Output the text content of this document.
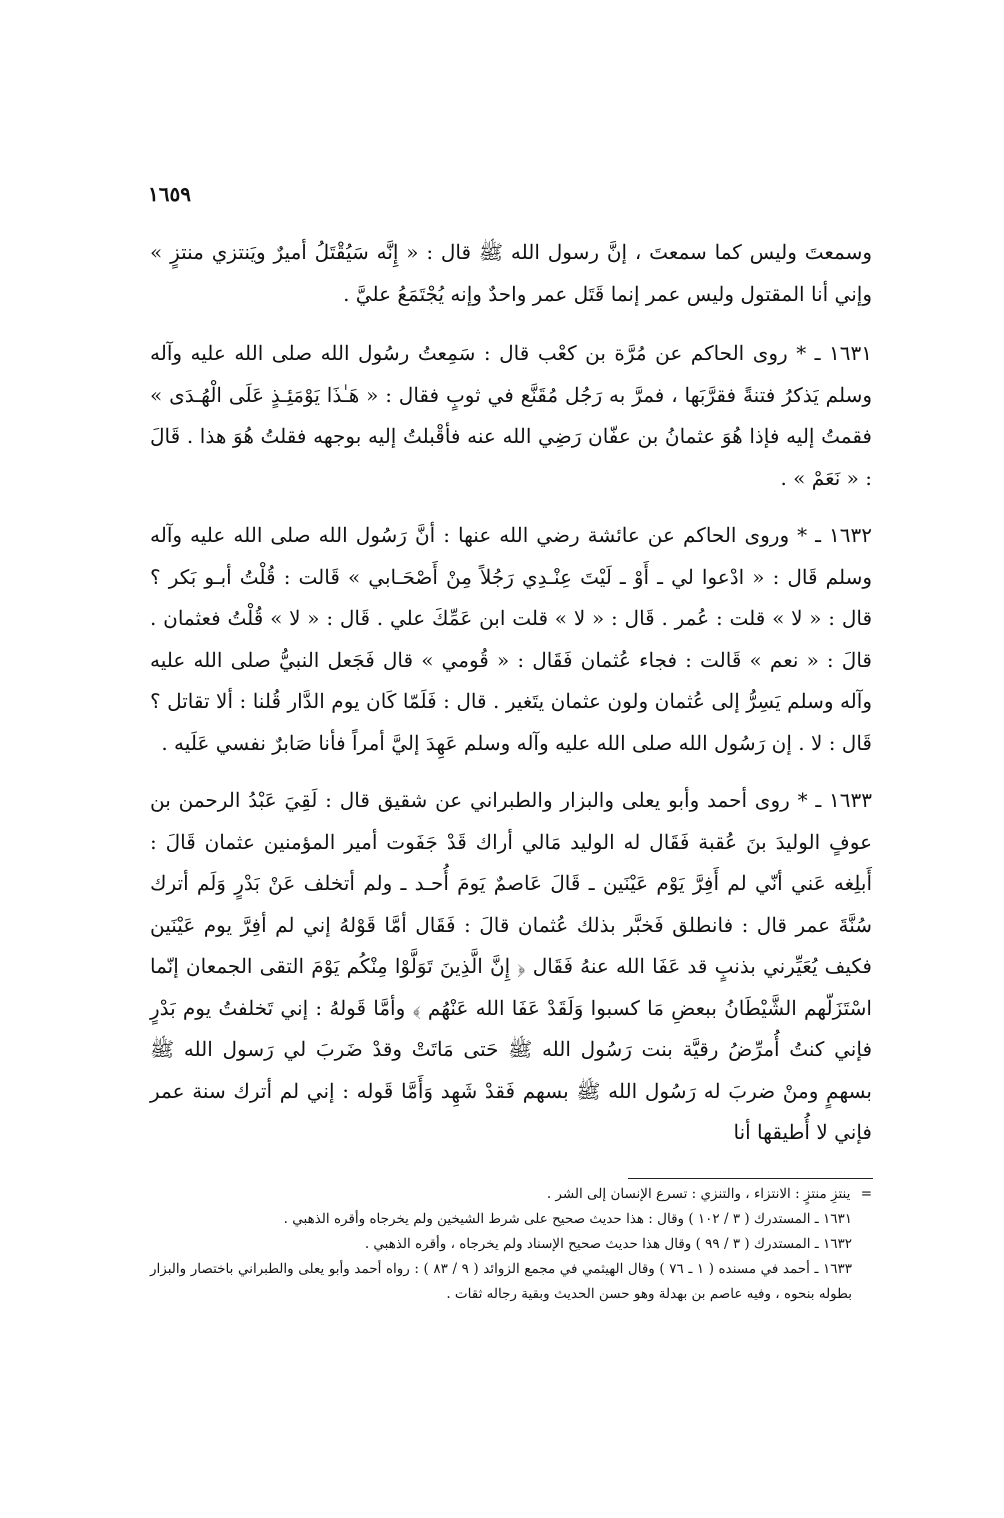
١٦٥٩

وسمعتَ وليس كما سمعتَ ، إنَّ رسول الله ﷺ قال : « إِنَّه سَيُقْتَلُ أميرٌ ويَنتزي منتزٍ » وإني أنا المقتول وليس عمر إنما قَتَل عمر واحدٌ وإنه يُجْتَمَعُ عليَّ .

١٦٣١ ـ * روى الحاكم عن مُرَّة بن كعْب قال : سَمِعتُ رسُول الله صلى الله عليه وآله وسلم يَذكرُ فتنةً فقرَّبَها ، فمرَّ به رَجُل مُقَنَّع في ثوبٍ فقال : « هَـٰذَا يَوْمَئِـذٍ عَلَى الْهُـدَى » فقمتُ إليه فإذا هُوَ عثمانُ بن عفّان رَضِي الله عنه فأقْبلتُ إليه بوجهه فقلتُ هُوَ هذا . قَالَ : « نَعَمْ » .

١٦٣٢ ـ * وروى الحاكم عن عائشة رضي الله عنها : أنَّ رَسُول الله صلى الله عليه وآله وسلم قَال : « ادْعوا لي ـ أَوْ ـ لَيْتَ عِنْـدِي رَجُلاً مِنْ أَصْحَـابي » قَالت : قُلْتُ أبـو بَكر ؟ قال : « لا » قلت : عُمر . قَال : « لا » قلت ابن عَمِّكَ علي . قَال : « لا » قُلْتُ فعثمان . قالَ : « نعم » قَالت : فجاء عُثمان فَقَال : « قُومي » قال فَجَعل النبيُّ صلى الله عليه وآله وسلم يَسِرُّ إلى عُثمان ولون عثمان يتَغير . قال : فَلَمّا كَان يوم الدَّار قُلنا : ألا تقاتل ؟ قَال : لا . إن رَسُول الله صلى الله عليه وآله وسلم عَهِدَ إليَّ أمراً فأنا صَابرٌ نفسي عَلَيه .

١٦٣٣ ـ * روى أحمد وأبو يعلى والبزار والطبراني عن شقيق قال : لَقِيَ عَبْدُ الرحمن بن عوفٍ الوليدَ بنَ عُقبة فَقَال له الوليد مَالي أراك قَدْ جَفَوت أمير المؤمنين عثمان قَالَ : أَبلِغه عَني أنّي لم أَفِرَّ يَوْم عَيْنَين ـ قَالَ عَاصمٌ يَومَ أُحـد ـ ولم أتخلف عَنْ بَدْرٍ وَلَم أترك سُنَّةَ عمر قال : فانطلق فَخبَّر بذلك عُثمان قالَ : فَقَال أمَّا قَوْلهُ إني لم أفِرَّ يوم عَيْنَين فكيف يُعَيِّرني بذنبٍ قد عَفَا الله عنهُ فَقَال ﴿ إِنَّ الَّذِينَ تَوَلَّوْا مِنْكُم يَوْمَ التقى الجمعان إنّما اسْتَزَلّهم الشَّيْطَانُ ببعضِ مَا كسبوا وَلَقَدْ عَفَا الله عَنْهُم ﴾ وأمَّا قَولهُ : إني تَخلفتُ يوم بَدْرٍ فإني كنتُ أُمرِّضُ رقيَّة بنت رَسُول الله ﷺ حَتى مَاتَتْ وقدْ ضَربَ لي رَسول الله ﷺ بسهمٍ ومنْ ضربَ له رَسُول الله ﷺ بسهم فَقدْ شَهِد وَأَمَّا قَوله : إني لم أترك سنة عمر فإني لا أُطيقها أنا

= ينتزِ منتزٍ : الانتزاء ، والتنزي : تسرع الإنسان إلى الشر .

١٦٣١ ـ المستدرك ( ٣ / ١٠٢ ) وقال : هذا حديث صحيح على شرط الشيخين ولم يخرجاه وأقره الذهبي .

١٦٣٢ ـ المستدرك ( ٣ / ٩٩ ) وقال هذا حديث صحيح الإسناد ولم يخرجاه ، وأقره الذهبي .

١٦٣٣ ـ أحمد في مسنده ( ١ ـ ٧٦ ) وقال الهيثمي في مجمع الزوائد ( ٩ / ٨٣ ) : رواه أحمد وأبو يعلى والطبراني باختصار والبزار بطوله بنحوه ، وفيه عاصم بن بهدلة وهو حسن الحديث وبقية رجاله ثقات .
